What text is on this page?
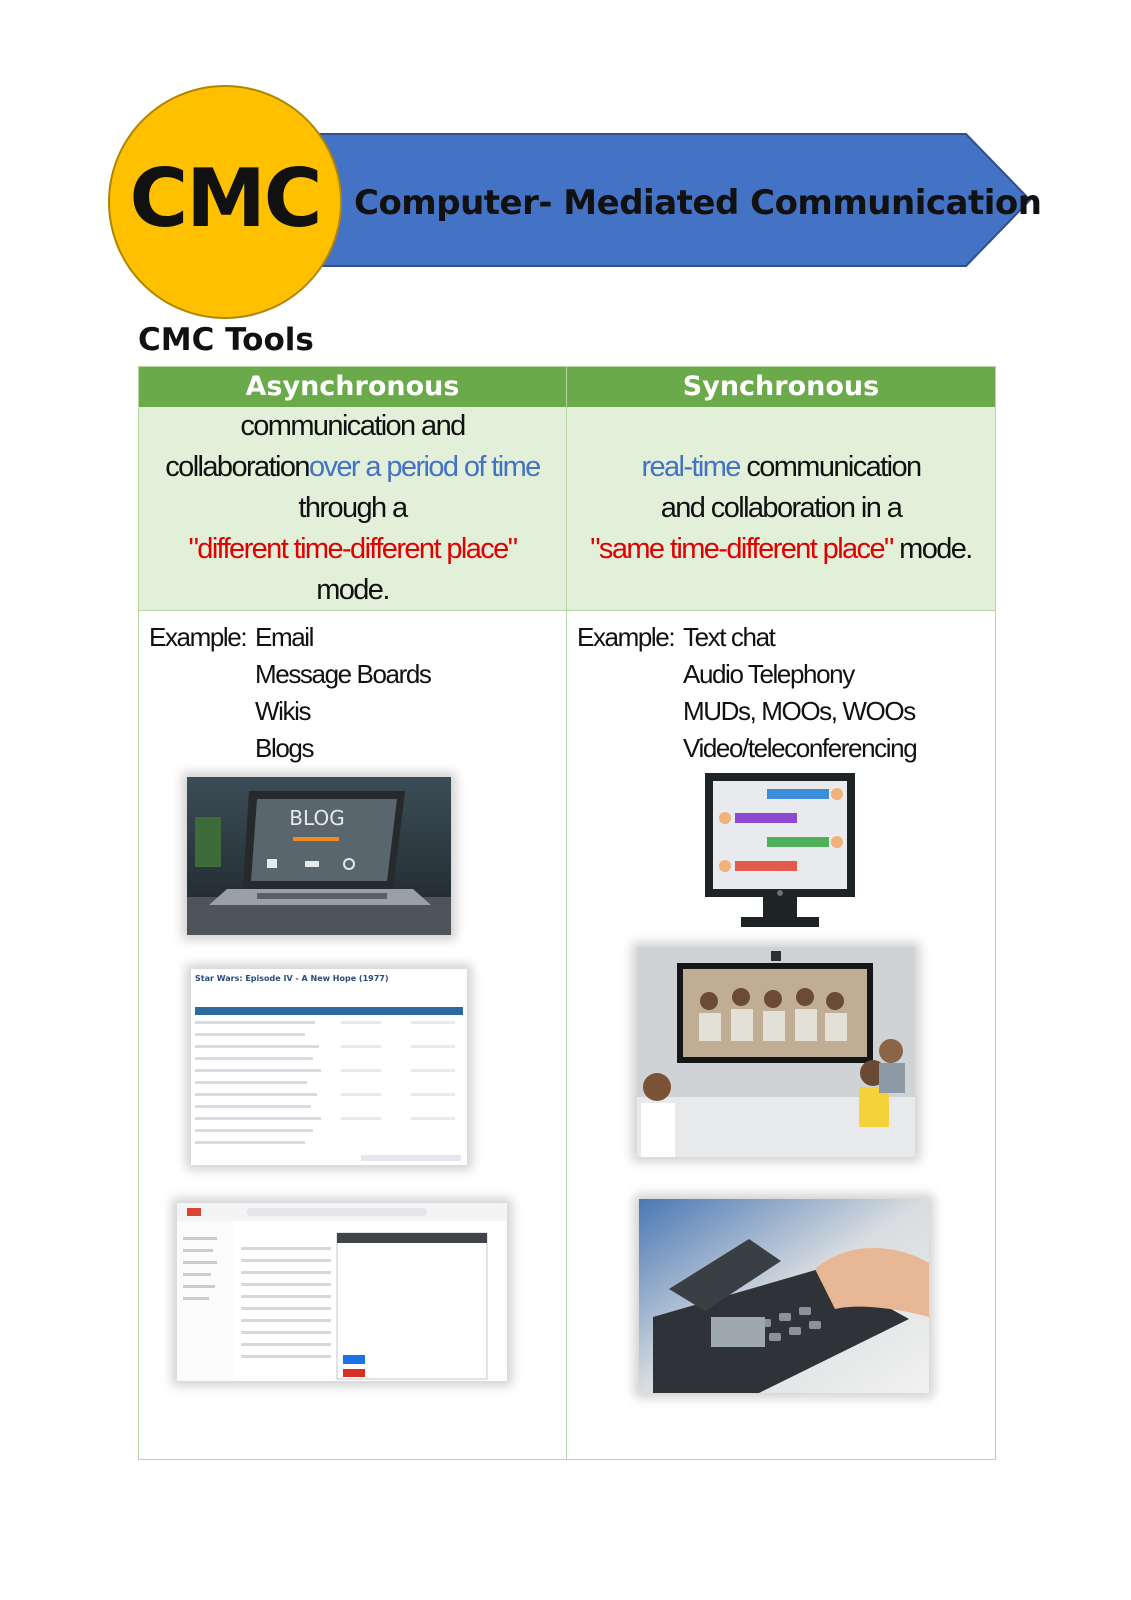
CMC Computer- Mediated Communication
CMC Tools
Asynchronous
communication and
collaborationover a period of time
through a
"different time-different place"
mode.
Example: Email
Message Boards
Wikis
Blogs
BLOG
Star Wars: Episode IV - A New Hope (1977)
Synchronous
real-time communication
and collaboration in a
"same time-different place" mode.
Example: Text chat
Audio Telephony
MUDs, MOOs, WOOs
Video/teleconferencing
